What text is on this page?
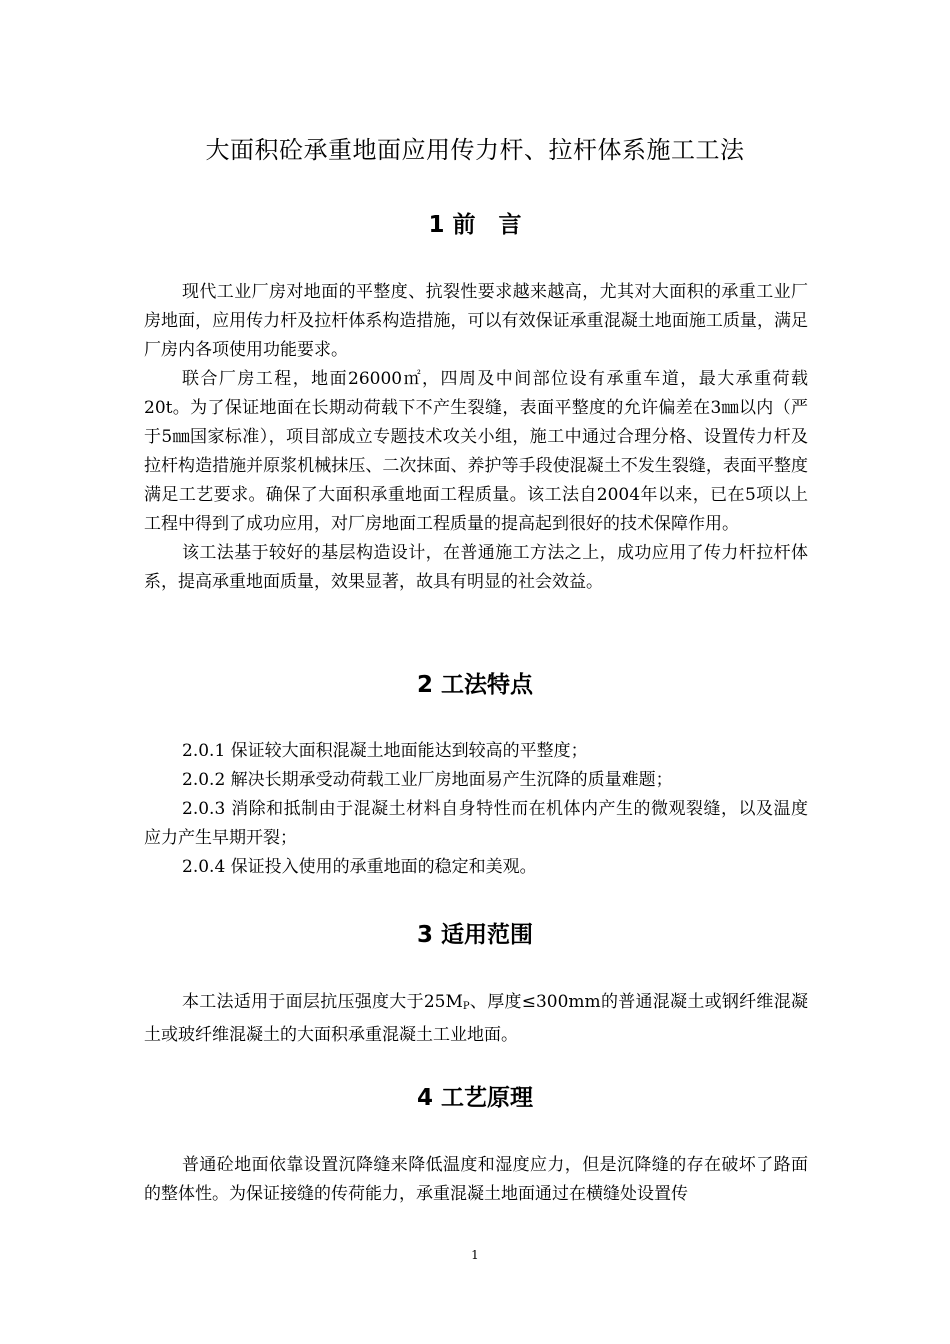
大面积砼承重地面应用传力杆、拉杆体系施工工法
1 前　言

现代工业厂房对地面的平整度、抗裂性要求越来越高，尤其对大面积的承重工业厂房地面，应用传力杆及拉杆体系构造措施，可以有效保证承重混凝土地面施工质量，满足厂房内各项使用功能要求。

联合厂房工程，地面26000㎡，四周及中间部位设有承重车道，最大承重荷载20t。为了保证地面在长期动荷载下不产生裂缝，表面平整度的允许偏差在3㎜以内（严于5㎜国家标准），项目部成立专题技术攻关小组，施工中通过合理分格、设置传力杆及拉杆构造措施并原浆机械抹压、二次抹面、养护等手段使混凝土不发生裂缝，表面平整度满足工艺要求。确保了大面积承重地面工程质量。该工法自2004年以来，已在5项以上工程中得到了成功应用，对厂房地面工程质量的提高起到很好的技术保障作用。

该工法基于较好的基层构造设计，在普通施工方法之上，成功应用了传力杆拉杆体系，提高承重地面质量，效果显著，故具有明显的社会效益。

2 工法特点

2.0.1 保证较大面积混凝土地面能达到较高的平整度；

2.0.2 解决长期承受动荷载工业厂房地面易产生沉降的质量难题；

2.0.3 消除和抵制由于混凝土材料自身特性而在机体内产生的微观裂缝，以及温度应力产生早期开裂；

2.0.4 保证投入使用的承重地面的稳定和美观。

3 适用范围

本工法适用于面层抗压强度大于$25M_P$、厚度≤300mm的普通混凝土或钢纤维混凝土或玻纤维混凝土的大面积承重混凝土工业地面。

4 工艺原理

普通砼地面依靠设置沉降缝来降低温度和湿度应力，但是沉降缝的存在破坏了路面的整体性。为保证接缝的传荷能力，承重混凝土地面通过在横缝处设置传

1
